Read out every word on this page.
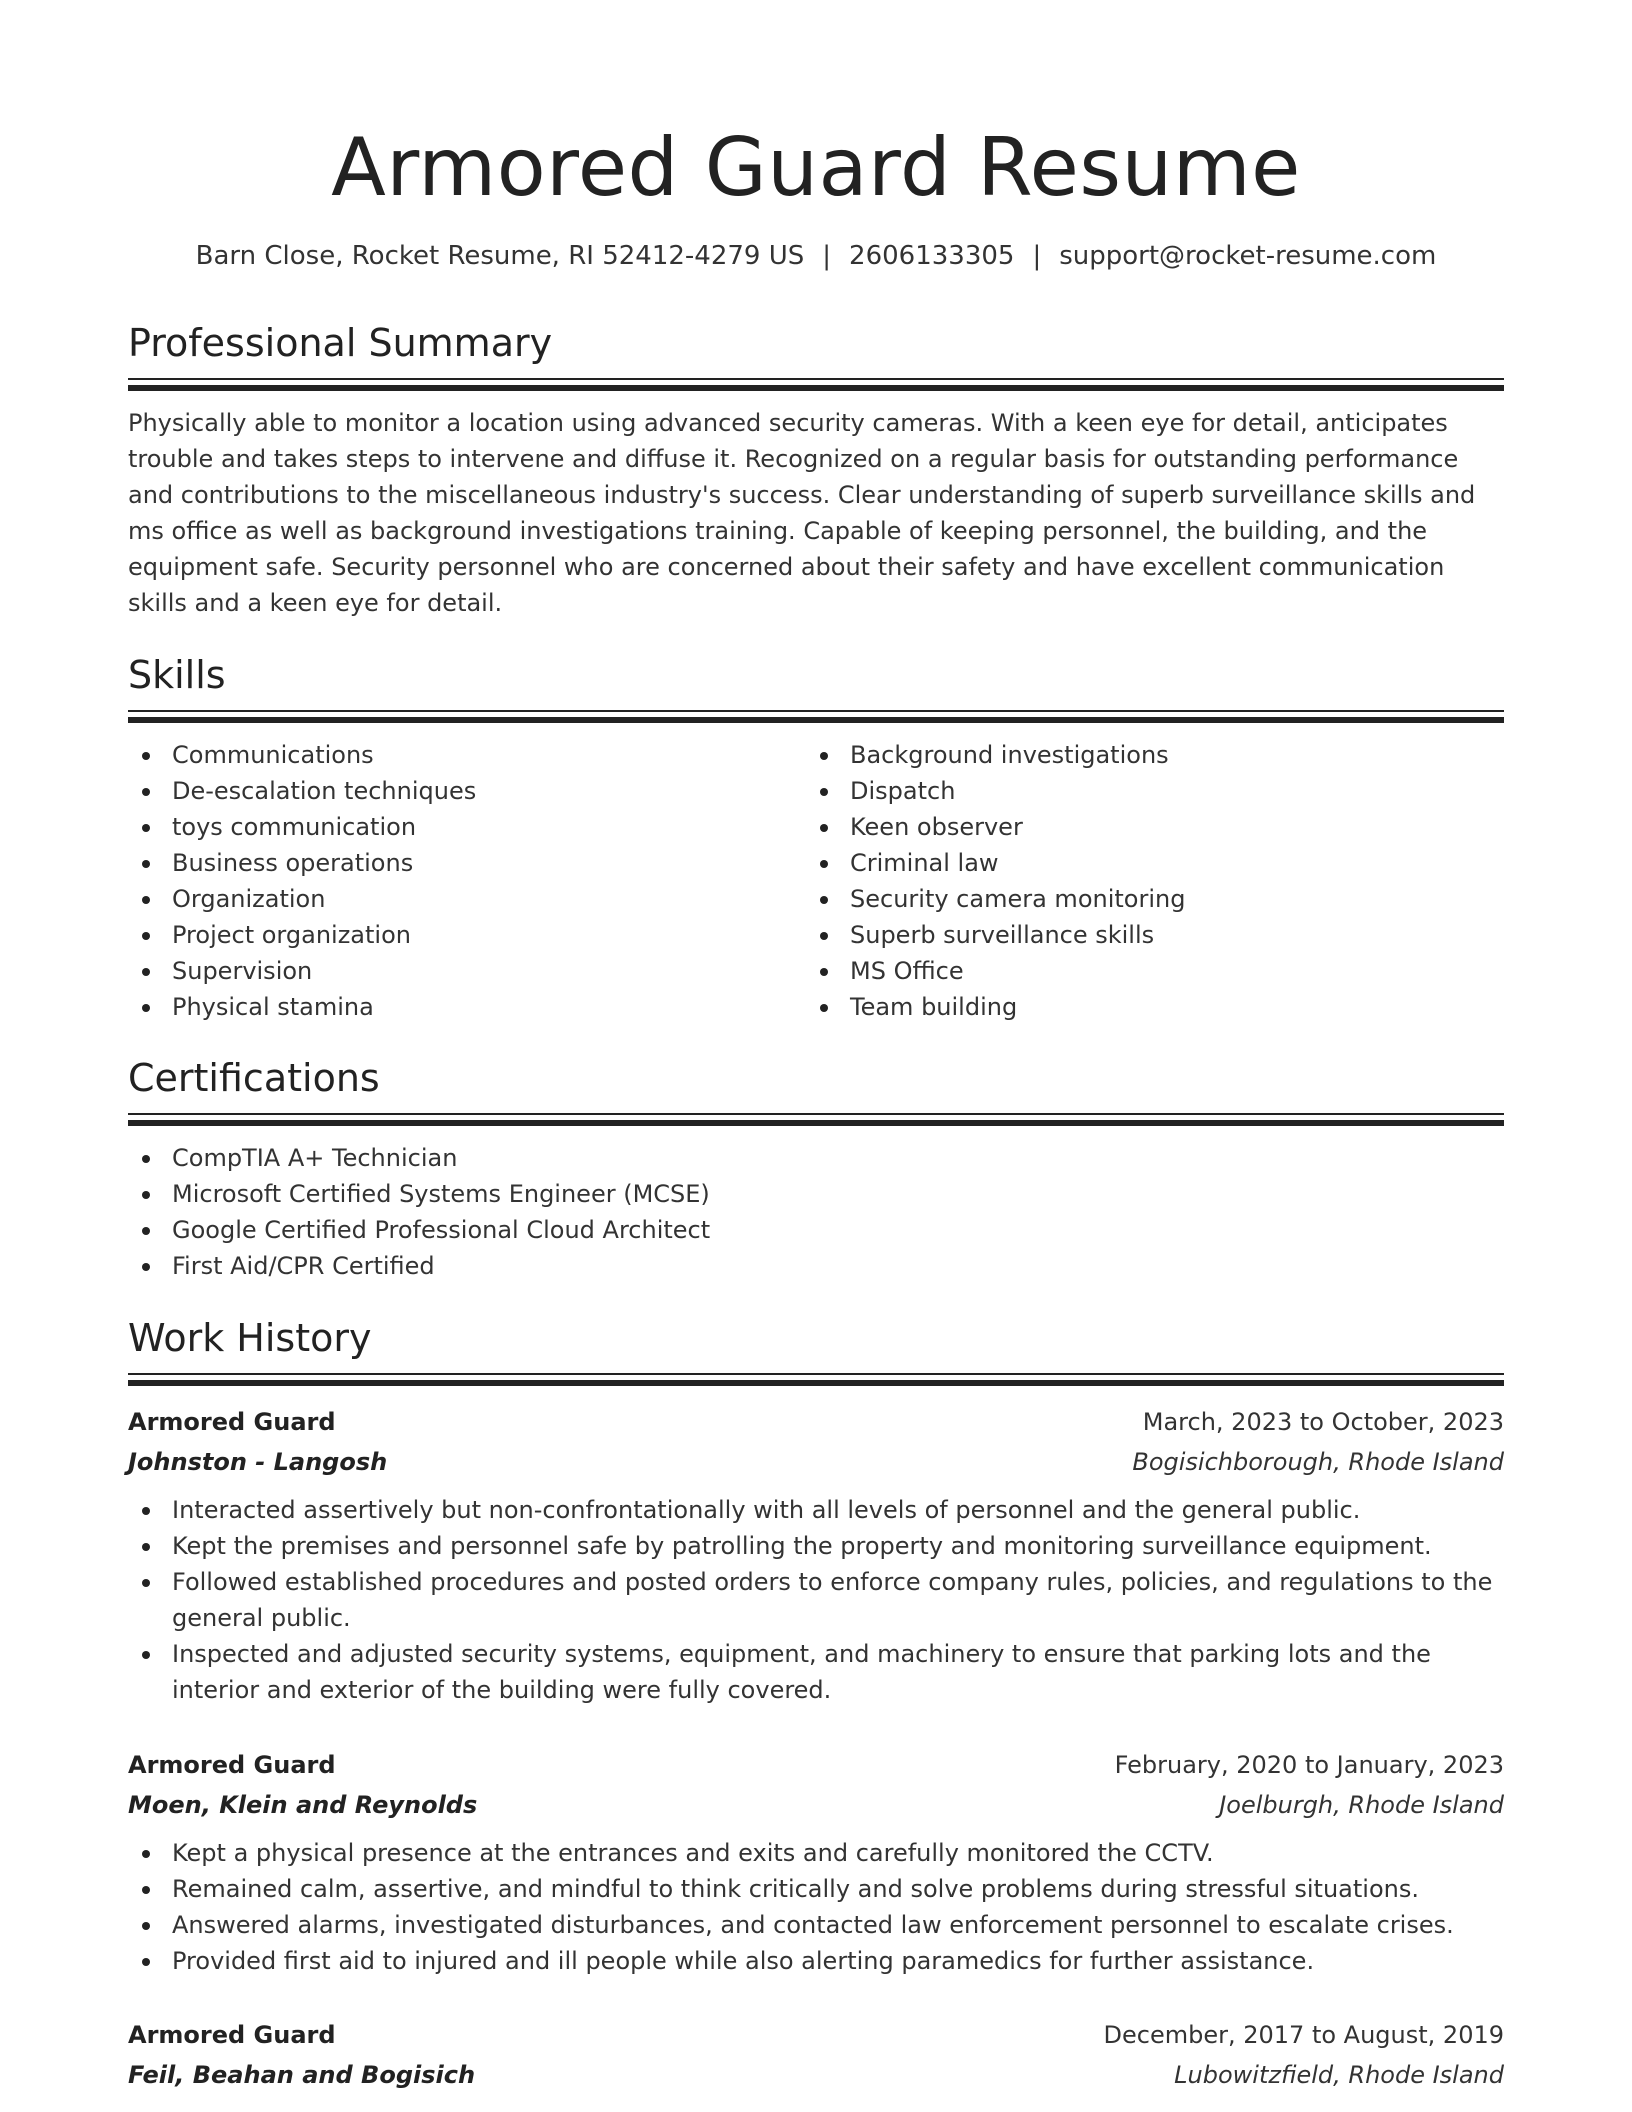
Armored Guard Resume
Barn Close, Rocket Resume, RI 52412-4279 US | 2606133305 | support@rocket-resume.com
Professional Summary

Physically able to monitor a location using advanced security cameras. With a keen eye for detail, anticipates trouble and takes steps to intervene and diffuse it. Recognized on a regular basis for outstanding performance and contributions to the miscellaneous industry's success. Clear understanding of superb surveillance skills and ms office as well as background investigations training. Capable of keeping personnel, the building, and the equipment safe. Security personnel who are concerned about their safety and have excellent communication skills and a keen eye for detail.

Skills
Communications
De-escalation techniques
toys communication
Business operations
Organization
Project organization
Supervision
Physical stamina
Background investigations
Dispatch
Keen observer
Criminal law
Security camera monitoring
Superb surveillance skills
MS Office
Team building
Certifications
CompTIA A+ Technician
Microsoft Certified Systems Engineer (MCSE)
Google Certified Professional Cloud Architect
First Aid/CPR Certified
Work History
Armored Guard	March, 2023 to October, 2023
Johnston - Langosh	Bogisichborough, Rhode Island
Interacted assertively but non-confrontationally with all levels of personnel and the general public.
Kept the premises and personnel safe by patrolling the property and monitoring surveillance equipment.
Followed established procedures and posted orders to enforce company rules, policies, and regulations to the general public.
Inspected and adjusted security systems, equipment, and machinery to ensure that parking lots and the interior and exterior of the building were fully covered.
Armored Guard	February, 2020 to January, 2023
Moen, Klein and Reynolds	Joelburgh, Rhode Island
Kept a physical presence at the entrances and exits and carefully monitored the CCTV.
Remained calm, assertive, and mindful to think critically and solve problems during stressful situations.
Answered alarms, investigated disturbances, and contacted law enforcement personnel to escalate crises.
Provided first aid to injured and ill people while also alerting paramedics for further assistance.
Armored Guard	December, 2017 to August, 2019
Feil, Beahan and Bogisich	Lubowitzfield, Rhode Island
